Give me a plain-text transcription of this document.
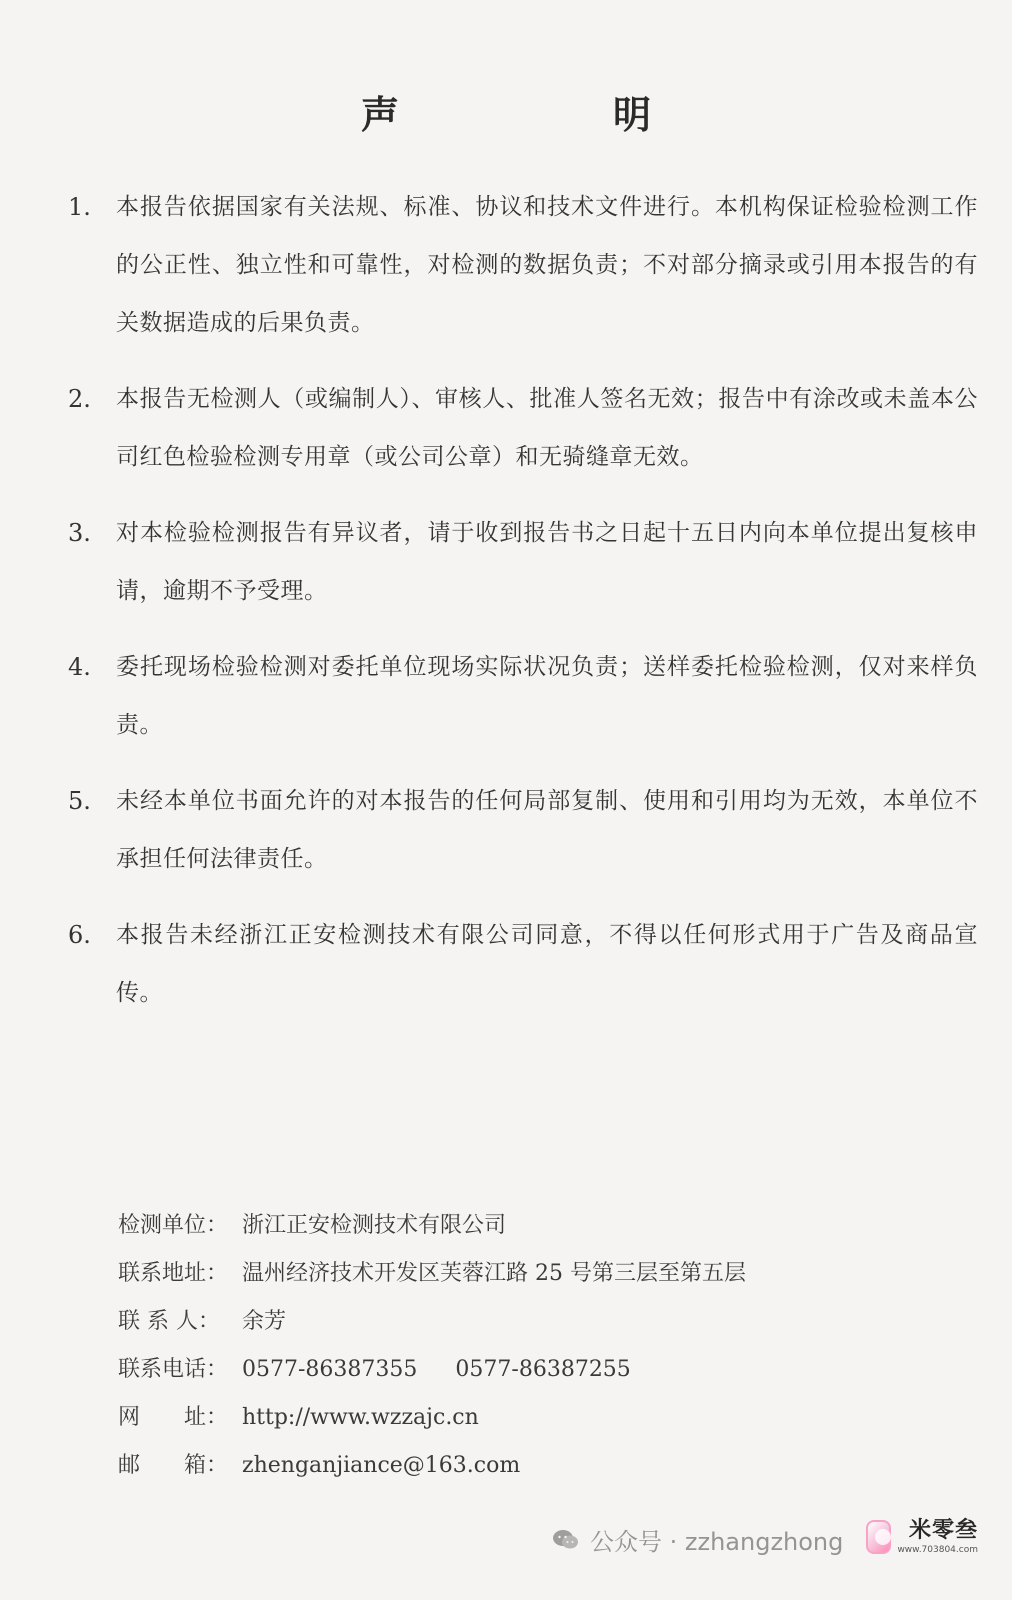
声　明
1.	本报告依据国家有关法规、标准、协议和技术文件进行。本机构保证检验检测工作的公正性、独立性和可靠性，对检测的数据负责；不对部分摘录或引用本报告的有关数据造成的后果负责。
2.	本报告无检测人（或编制人）、审核人、批准人签名无效；报告中有涂改或未盖本公司红色检验检测专用章（或公司公章）和无骑缝章无效。
3.	对本检验检测报告有异议者，请于收到报告书之日起十五日内向本单位提出复核申请，逾期不予受理。
4.	委托现场检验检测对委托单位现场实际状况负责；送样委托检验检测，仅对来样负责。
5.	未经本单位书面允许的对本报告的任何局部复制、使用和引用均为无效，本单位不承担任何法律责任。
6.	本报告未经浙江正安检测技术有限公司同意，不得以任何形式用于广告及商品宣传。
检测单位： 浙江正安检测技术有限公司
联系地址： 温州经济技术开发区芙蓉江路 25 号第三层至第五层
联 系 人：	余芳
联系电话： 0577-86387355 0577-86387255
网　　址： http://www.wzzajc.cn
邮　　箱： zhenganjiance@163.com
公众号 · zzhangzhong	米零叁
www.703804.com
